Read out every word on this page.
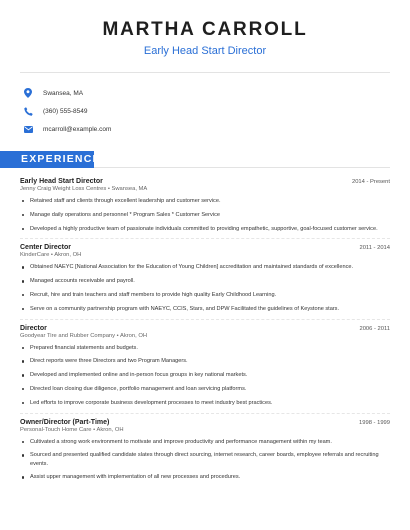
MARTHA CARROLL
Early Head Start Director
Swansea, MA
(360) 555-8549
mcarroll@example.com
EXPERIENCE
Early Head Start Director	2014 - Present
Jenny Craig Weight Loss Centres • Swansea, MA
Retained staff and clients through excellent leadership and customer service.
Manage daily operations and personnel * Program Sales * Customer Service
Developed a highly productive team of passionate individuals committed to providing empathetic, supportive, goal-focused customer service.
Center Director	2011 - 2014
KinderCare • Akron, OH
Obtained NAEYC [National Association for the Education of Young Children] accreditation and maintained standards of excellence.
Managed accounts receivable and payroll.
Recruit, hire and train teachers and staff members to provide high quality Early Childhood Learning.
Serve on a community partnership program with NAEYC, CCIS, Stars, and DPW Facilitated the guidelines of Keystone stars.
Director	2006 - 2011
Goodyear Tire and Rubber Company • Akron, OH
Prepared financial statements and budgets.
Direct reports were three Directors and two Program Managers.
Developed and implemented online and in-person focus groups in key national markets.
Directed loan closing due diligence, portfolio management and loan servicing platforms.
Led efforts to improve corporate business development processes to meet industry best practices.
Owner/Director (Part-Time)	1998 - 1999
Personal-Touch Home Care • Akron, OH
Cultivated a strong work environment to motivate and improve productivity and performance management within my team.
Sourced and presented qualified candidate slates through direct sourcing, internet research, career boards, employee referrals and recruiting events.
Assist upper management with implementation of all new processes and procedures.
